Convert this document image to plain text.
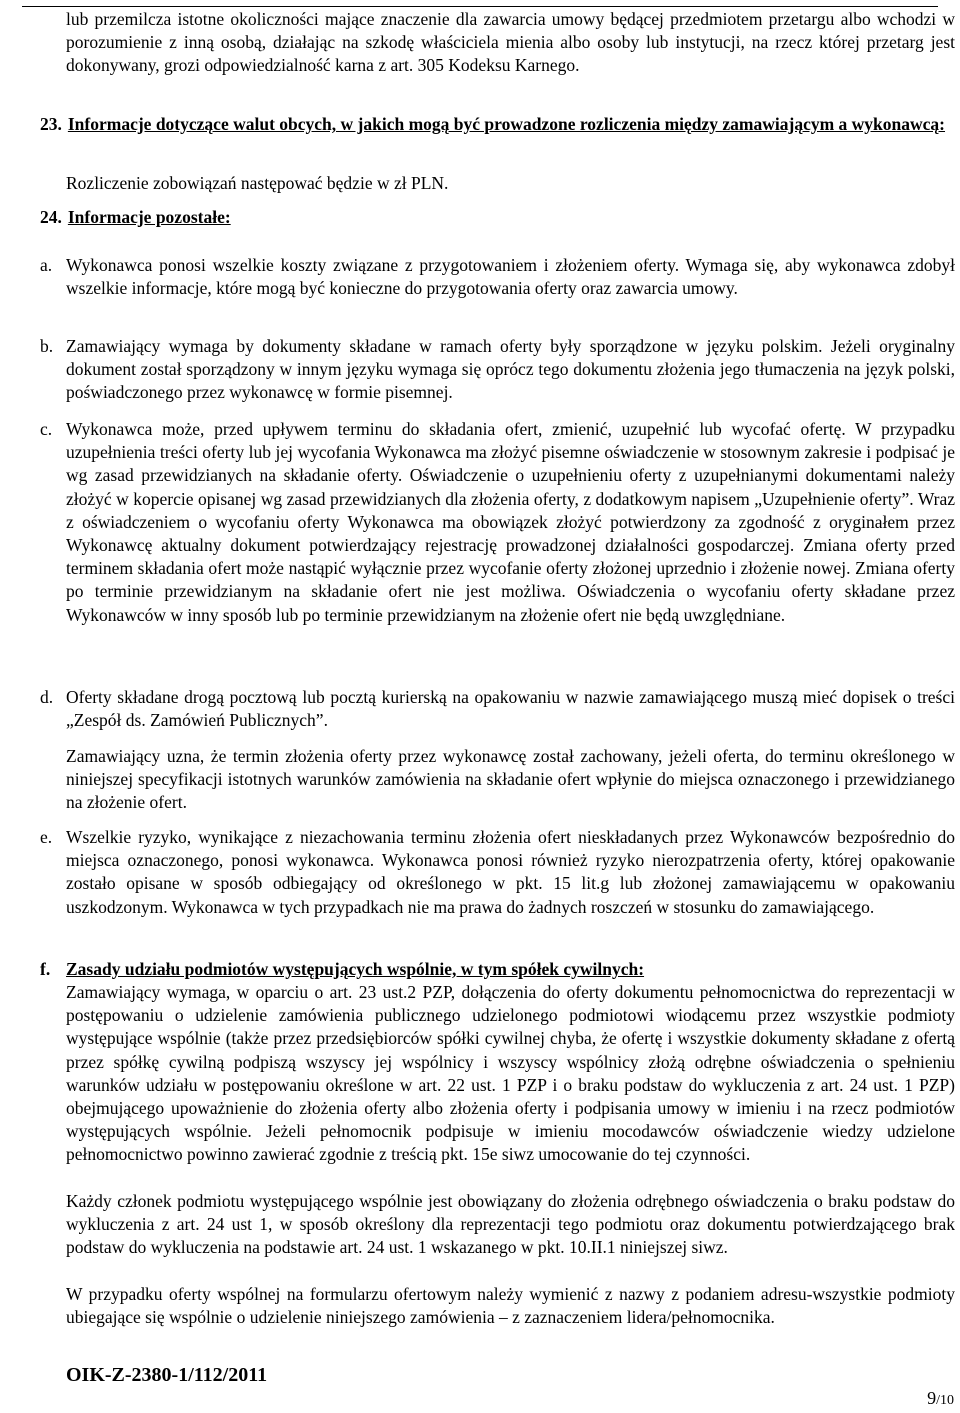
lub przemilcza istotne okoliczności mające znaczenie dla zawarcia umowy będącej przedmiotem przetargu albo wchodzi w porozumienie z inną osobą, działając na szkodę właściciela mienia albo osoby lub instytucji, na rzecz której przetarg jest dokonywany, grozi odpowiedzialność karna z art. 305 Kodeksu Karnego.
23. Informacje dotyczące walut obcych, w jakich mogą być prowadzone rozliczenia między zamawiającym a wykonawcą:
Rozliczenie zobowiązań następować będzie w zł PLN.
24. Informacje pozostałe:
a. Wykonawca ponosi wszelkie koszty związane z przygotowaniem i złożeniem oferty. Wymaga się, aby wykonawca zdobył wszelkie informacje, które mogą być konieczne do przygotowania oferty oraz zawarcia umowy.
b. Zamawiający wymaga by dokumenty składane w ramach oferty były sporządzone w języku polskim. Jeżeli oryginalny dokument został sporządzony w innym języku wymaga się oprócz tego dokumentu złożenia jego tłumaczenia na język polski, poświadczonego przez wykonawcę w formie pisemnej.
c. Wykonawca może, przed upływem terminu do składania ofert, zmienić, uzupełnić lub wycofać ofertę. W przypadku uzupełnienia treści oferty lub jej wycofania Wykonawca ma złożyć pisemne oświadczenie w stosownym zakresie i podpisać je wg zasad przewidzianych na składanie oferty. Oświadczenie o uzupełnieniu oferty z uzupełnianymi dokumentami należy złożyć w kopercie opisanej wg zasad przewidzianych dla złożenia oferty, z dodatkowym napisem „Uzupełnienie oferty”. Wraz z oświadczeniem o wycofaniu oferty Wykonawca ma obowiązek złożyć potwierdzony za zgodność z oryginałem przez Wykonawcę aktualny dokument potwierdzający rejestrację prowadzonej działalności gospodarczej. Zmiana oferty przed terminem składania ofert może nastąpić wyłącznie przez wycofanie oferty złożonej uprzednio i złożenie nowej. Zmiana oferty po terminie przewidzianym na składanie ofert nie jest możliwa. Oświadczenia o wycofaniu oferty składane przez Wykonawców w inny sposób lub po terminie przewidzianym na złożenie ofert nie będą uwzględniane.
d. Oferty składane drogą pocztową lub pocztą kurierską na opakowaniu w nazwie zamawiającego muszą mieć dopisek o treści „Zespół ds. Zamówień Publicznych”.
Zamawiający uzna, że termin złożenia oferty przez wykonawcę został zachowany, jeżeli oferta, do terminu określonego w niniejszej specyfikacji istotnych warunków zamówienia na składanie ofert wpłynie do miejsca oznaczonego i przewidzianego na złożenie ofert.
e. Wszelkie ryzyko, wynikające z niezachowania terminu złożenia ofert nieskładanych przez Wykonawców bezpośrednio do miejsca oznaczonego, ponosi wykonawca. Wykonawca ponosi również ryzyko nierozpatrzenia oferty, której opakowanie zostało opisane w sposób odbiegający od określonego w pkt. 15 lit.g lub złożonej zamawiającemu w opakowaniu uszkodzonym. Wykonawca w tych przypadkach nie ma prawa do żadnych roszczeń w stosunku do zamawiającego.
f. Zasady udziału podmiotów występujących wspólnie, w tym spółek cywilnych:
Zamawiający wymaga, w oparciu o art. 23 ust.2 PZP, dołączenia do oferty dokumentu pełnomocnictwa do reprezentacji w postępowaniu o udzielenie zamówienia publicznego udzielonego podmiotowi wiodącemu przez wszystkie podmioty występujące wspólnie (także przez przedsiębiorców spółki cywilnej chyba, że ofertę i wszystkie dokumenty składane z ofertą przez spółkę cywilną podpiszą wszyscy jej wspólnicy i wszyscy wspólnicy złożą odrębne oświadczenia o spełnieniu warunków udziału w postępowaniu określone w art. 22 ust. 1 PZP i o braku podstaw do wykluczenia z art. 24 ust. 1 PZP) obejmującego upoważnienie do złożenia oferty albo złożenia oferty i podpisania umowy w imieniu i na rzecz podmiotów występujących wspólnie. Jeżeli pełnomocnik podpisuje w imieniu mocodawców oświadczenie wiedzy udzielone pełnomocnictwo powinno zawierać zgodnie z treścią pkt. 15e siwz umocowanie do tej czynności.
Każdy członek podmiotu występującego wspólnie jest obowiązany do złożenia odrębnego oświadczenia o braku podstaw do wykluczenia z art. 24 ust 1, w sposób określony dla reprezentacji tego podmiotu oraz dokumentu potwierdzającego brak podstaw do wykluczenia na podstawie art. 24 ust. 1 wskazanego w pkt. 10.II.1 niniejszej siwz.
W przypadku oferty wspólnej na formularzu ofertowym należy wymienić z nazwy z podaniem adresu-wszystkie podmioty ubiegające się wspólnie o udzielenie niniejszego zamówienia – z zaznaczeniem lidera/pełnomocnika.
OIK-Z-2380-1/112/2011
9/10
